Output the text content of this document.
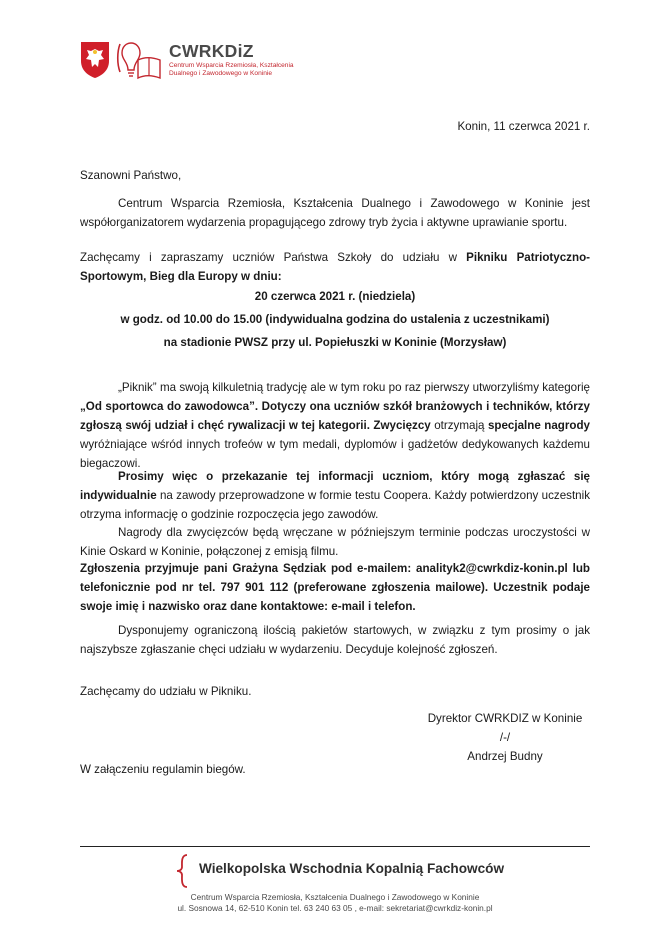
CWRKDiZ
Centrum Wsparcia Rzemiosła, Kształcenia
Dualnego i Zawodowego w Koninie
Konin, 11 czerwca 2021 r.
Szanowni Państwo,
Centrum Wsparcia Rzemiosła, Kształcenia Dualnego i Zawodowego w Koninie jest współorganizatorem wydarzenia propagującego zdrowy tryb życia i aktywne uprawianie sportu.
Zachęcamy i zapraszamy uczniów Państwa Szkoły do udziału w Pikniku Patriotyczno-Sportowym, Bieg dla Europy w dniu:
20 czerwca 2021 r. (niedziela)
w godz. od 10.00 do 15.00 (indywidualna godzina do ustalenia z uczestnikami)
na stadionie PWSZ przy ul. Popiełuszki w Koninie (Morzysław)
„Piknik” ma swoją kilkuletnią tradycję ale w tym roku po raz pierwszy utworzyliśmy kategorię „Od sportowca do zawodowca”. Dotyczy ona uczniów szkół branżowych i techników, którzy zgłoszą swój udział i chęć rywalizacji w tej kategorii. Zwycięzcy otrzymają specjalne nagrody wyróżniające wśród innych trofeów w tym medali, dyplomów i gadżetów dedykowanych każdemu biegaczowi.
Prosimy więc o przekazanie tej informacji uczniom, który mogą zgłaszać się indywidualnie na zawody przeprowadzone w formie testu Coopera. Każdy potwierdzony uczestnik otrzyma informację o godzinie rozpoczęcia jego zawodów.
Nagrody dla zwycięzców będą wręczane w późniejszym terminie podczas uroczystości w Kinie Oskard w Koninie, połączonej z emisją filmu.
Zgłoszenia przyjmuje pani Grażyna Sędziak pod e-mailem: analityk2@cwrkdiz-konin.pl lub telefonicznie pod nr tel. 797 901 112 (preferowane zgłoszenia mailowe). Uczestnik podaje swoje imię i nazwisko oraz dane kontaktowe: e-mail i telefon.
Dysponujemy ograniczoną ilością pakietów startowych, w związku z tym prosimy o jak najszybsze zgłaszanie chęci udziału w wydarzeniu. Decyduje kolejność zgłoszeń.
Zachęcamy do udziału w Pikniku.
Dyrektor CWRKDIZ w Koninie
/-/
Andrzej Budny
W załączeniu regulamin biegów.
Wielkopolska Wschodnia Kopalnią Fachowców
Centrum Wsparcia Rzemiosła, Kształcenia Dualnego i Zawodowego w Koninie
ul. Sosnowa 14, 62-510 Konin tel. 63 240 63 05 , e-mail: sekretariat@cwrkdiz-konin.pl
